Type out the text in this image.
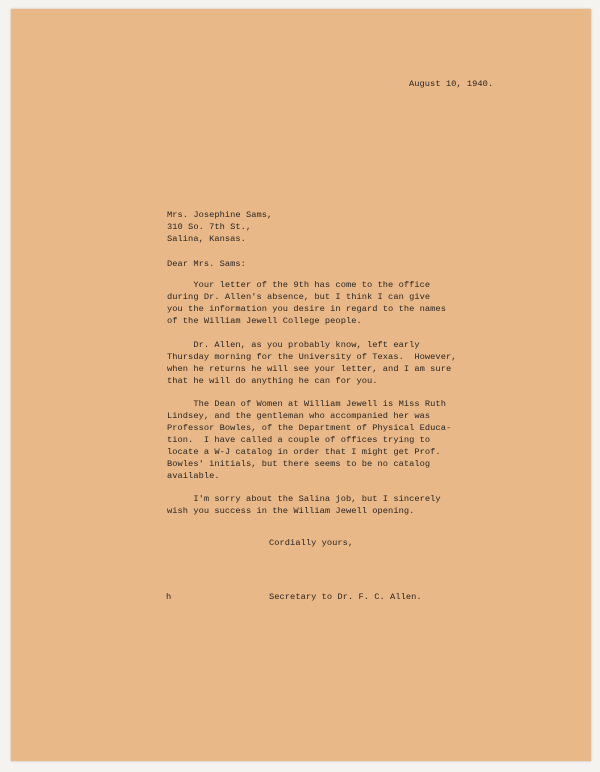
August 10, 1940.
Mrs. Josephine Sams,
310 So. 7th St.,
Salina, Kansas.
Dear Mrs. Sams:
Your letter of the 9th has come to the office
during Dr. Allen's absence, but I think I can give
you the information you desire in regard to the names
of the William Jewell College people.
Dr. Allen, as you probably know, left early
Thursday morning for the University of Texas.  However,
when he returns he will see your letter, and I am sure
that he will do anything he can for you.
The Dean of Women at William Jewell is Miss Ruth
Lindsey, and the gentleman who accompanied her was
Professor Bowles, of the Department of Physical Educa-
tion.  I have called a couple of offices trying to
locate a W-J catalog in order that I might get Prof.
Bowles' initials, but there seems to be no catalog
available.
I'm sorry about the Salina job, but I sincerely
wish you success in the William Jewell opening.
Cordially yours,
h	Secretary to Dr. F. C. Allen.
